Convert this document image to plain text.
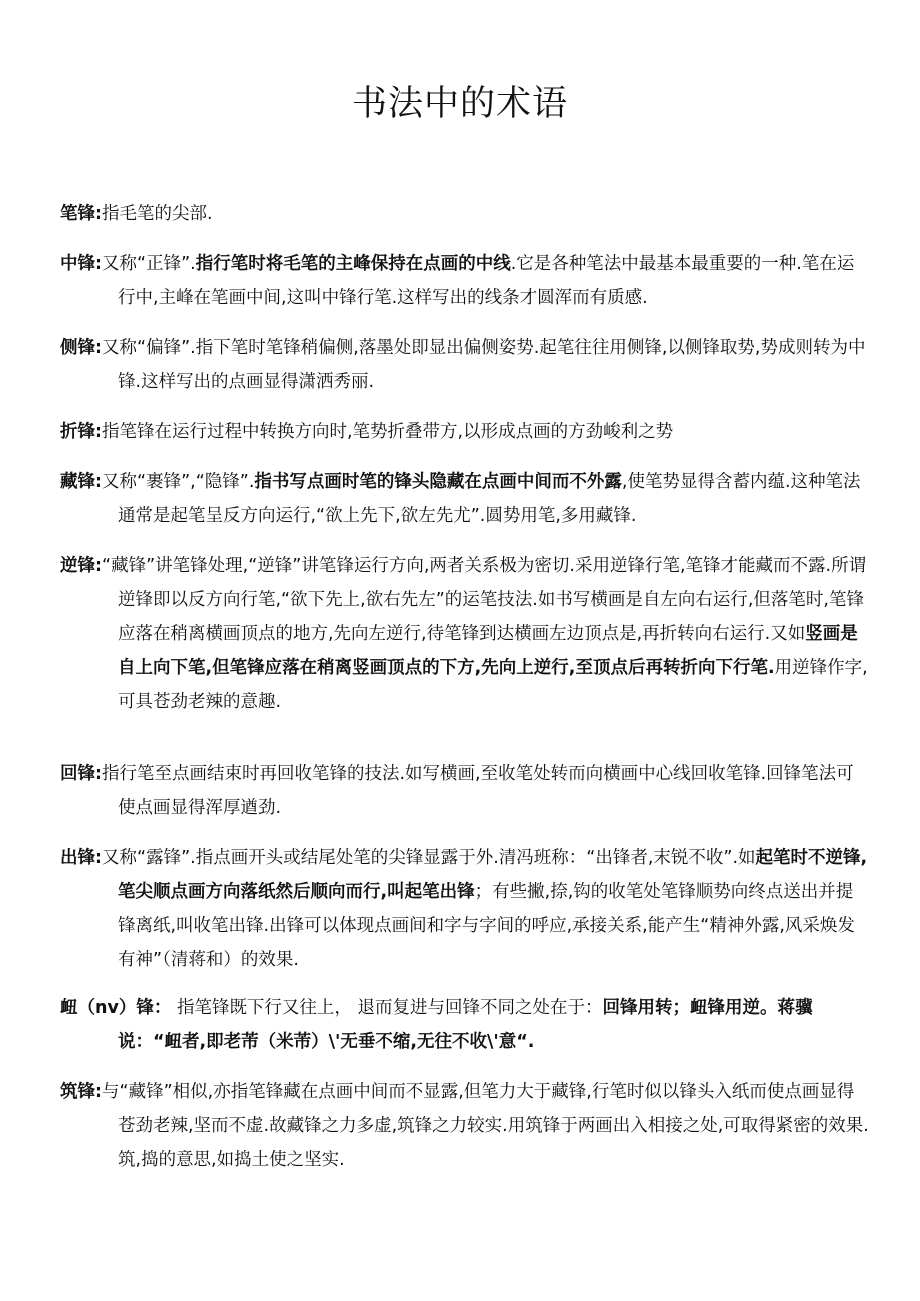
书法中的术语

笔锋:指毛笔的尖部.

中锋:又称“正锋”.指行笔时将毛笔的主峰保持在点画的中线.它是各种笔法中最基本最重要的一种.笔在运行中,主峰在笔画中间,这叫中锋行笔.这样写出的线条才圆浑而有质感.

侧锋:又称“偏锋”.指下笔时笔锋稍偏侧,落墨处即显出偏侧姿势.起笔往往用侧锋,以侧锋取势,势成则转为中锋.这样写出的点画显得潇洒秀丽.

折锋:指笔锋在运行过程中转换方向时,笔势折叠带方,以形成点画的方劲峻利之势

藏锋:又称“裹锋”,“隐锋”.指书写点画时笔的锋头隐藏在点画中间而不外露,使笔势显得含蓄内蕴.这种笔法通常是起笔呈反方向运行,“欲上先下,欲左先尤”.圆势用笔,多用藏锋.

逆锋:“藏锋”讲笔锋处理,“逆锋”讲笔锋运行方向,两者关系极为密切.采用逆锋行笔,笔锋才能藏而不露.所谓逆锋即以反方向行笔,“欲下先上,欲右先左”的运笔技法.如书写横画是自左向右运行,但落笔时,笔锋应落在稍离横画顶点的地方,先向左逆行,待笔锋到达横画左边顶点是,再折转向右运行.又如竖画是自上向下笔,但笔锋应落在稍离竖画顶点的下方,先向上逆行,至顶点后再转折向下行笔.用逆锋作字,可具苍劲老辣的意趣.

回锋:指行笔至点画结束时再回收笔锋的技法.如写横画,至收笔处转而向横画中心线回收笔锋.回锋笔法可使点画显得浑厚遒劲.

出锋:又称“露锋”.指点画开头或结尾处笔的尖锋显露于外.清冯班称：“出锋者,末锐不收”.如起笔时不逆锋,笔尖顺点画方向落纸然后顺向而行,叫起笔出锋；有些撇,捺,钩的收笔处笔锋顺势向终点送出并提锋离纸,叫收笔出锋.出锋可以体现点画间和字与字间的呼应,承接关系,能产生“精神外露,风采焕发有神”（清蒋和）的效果.

衄（nv）锋： 指笔锋既下行又往上， 退而复进与回锋不同之处在于：回锋用转；衄锋用逆。蒋骥说：“衄者,即老芾（米芾）\'无垂不缩,无往不收\'意“.

筑锋:与“藏锋”相似,亦指笔锋藏在点画中间而不显露,但笔力大于藏锋,行笔时似以锋头入纸而使点画显得苍劲老辣,坚而不虚.故藏锋之力多虚,筑锋之力较实.用筑锋于两画出入相接之处,可取得紧密的效果.筑,捣的意思,如捣土使之坚实.
